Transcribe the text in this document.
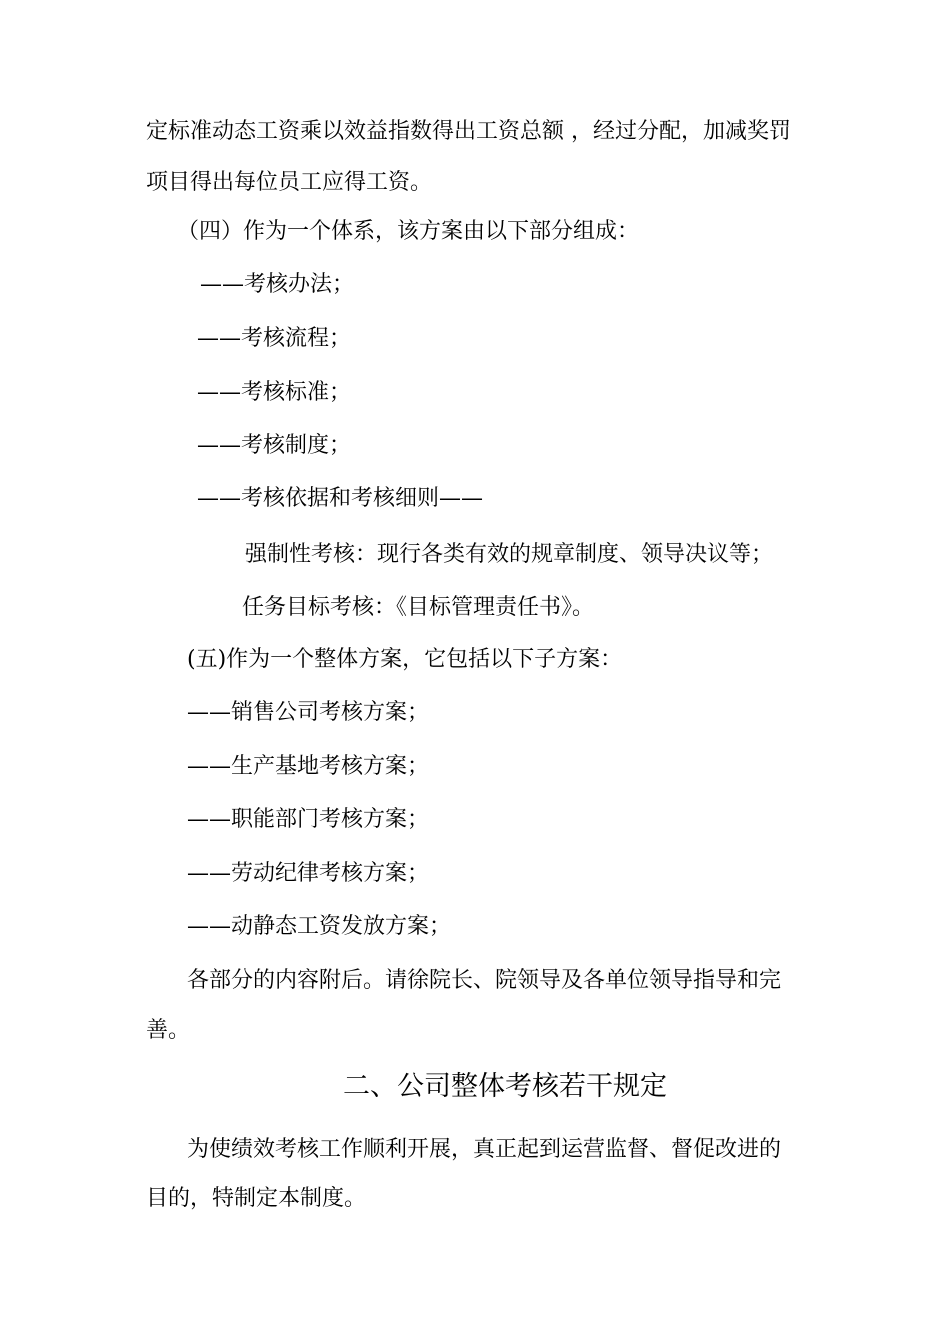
定标准动态工资乘以效益指数得出工资总额 ，经过分配，加减奖罚
项目得出每位员工应得工资。
（四）作为一个体系，该方案由以下部分组成：
——考核办法；
——考核流程；
——考核标准；
——考核制度；
——考核依据和考核细则——
强制性考核：现行各类有效的规章制度、领导决议等；
任务目标考核：《目标管理责任书》。
(五)作为一个整体方案，它包括以下子方案：
——销售公司考核方案；
——生产基地考核方案；
——职能部门考核方案；
——劳动纪律考核方案；
——动静态工资发放方案；
各部分的内容附后。请徐院长、院领导及各单位领导指导和完
善。
二、公司整体考核若干规定
为使绩效考核工作顺利开展，真正起到运营监督、督促改进的
目的，特制定本制度。
